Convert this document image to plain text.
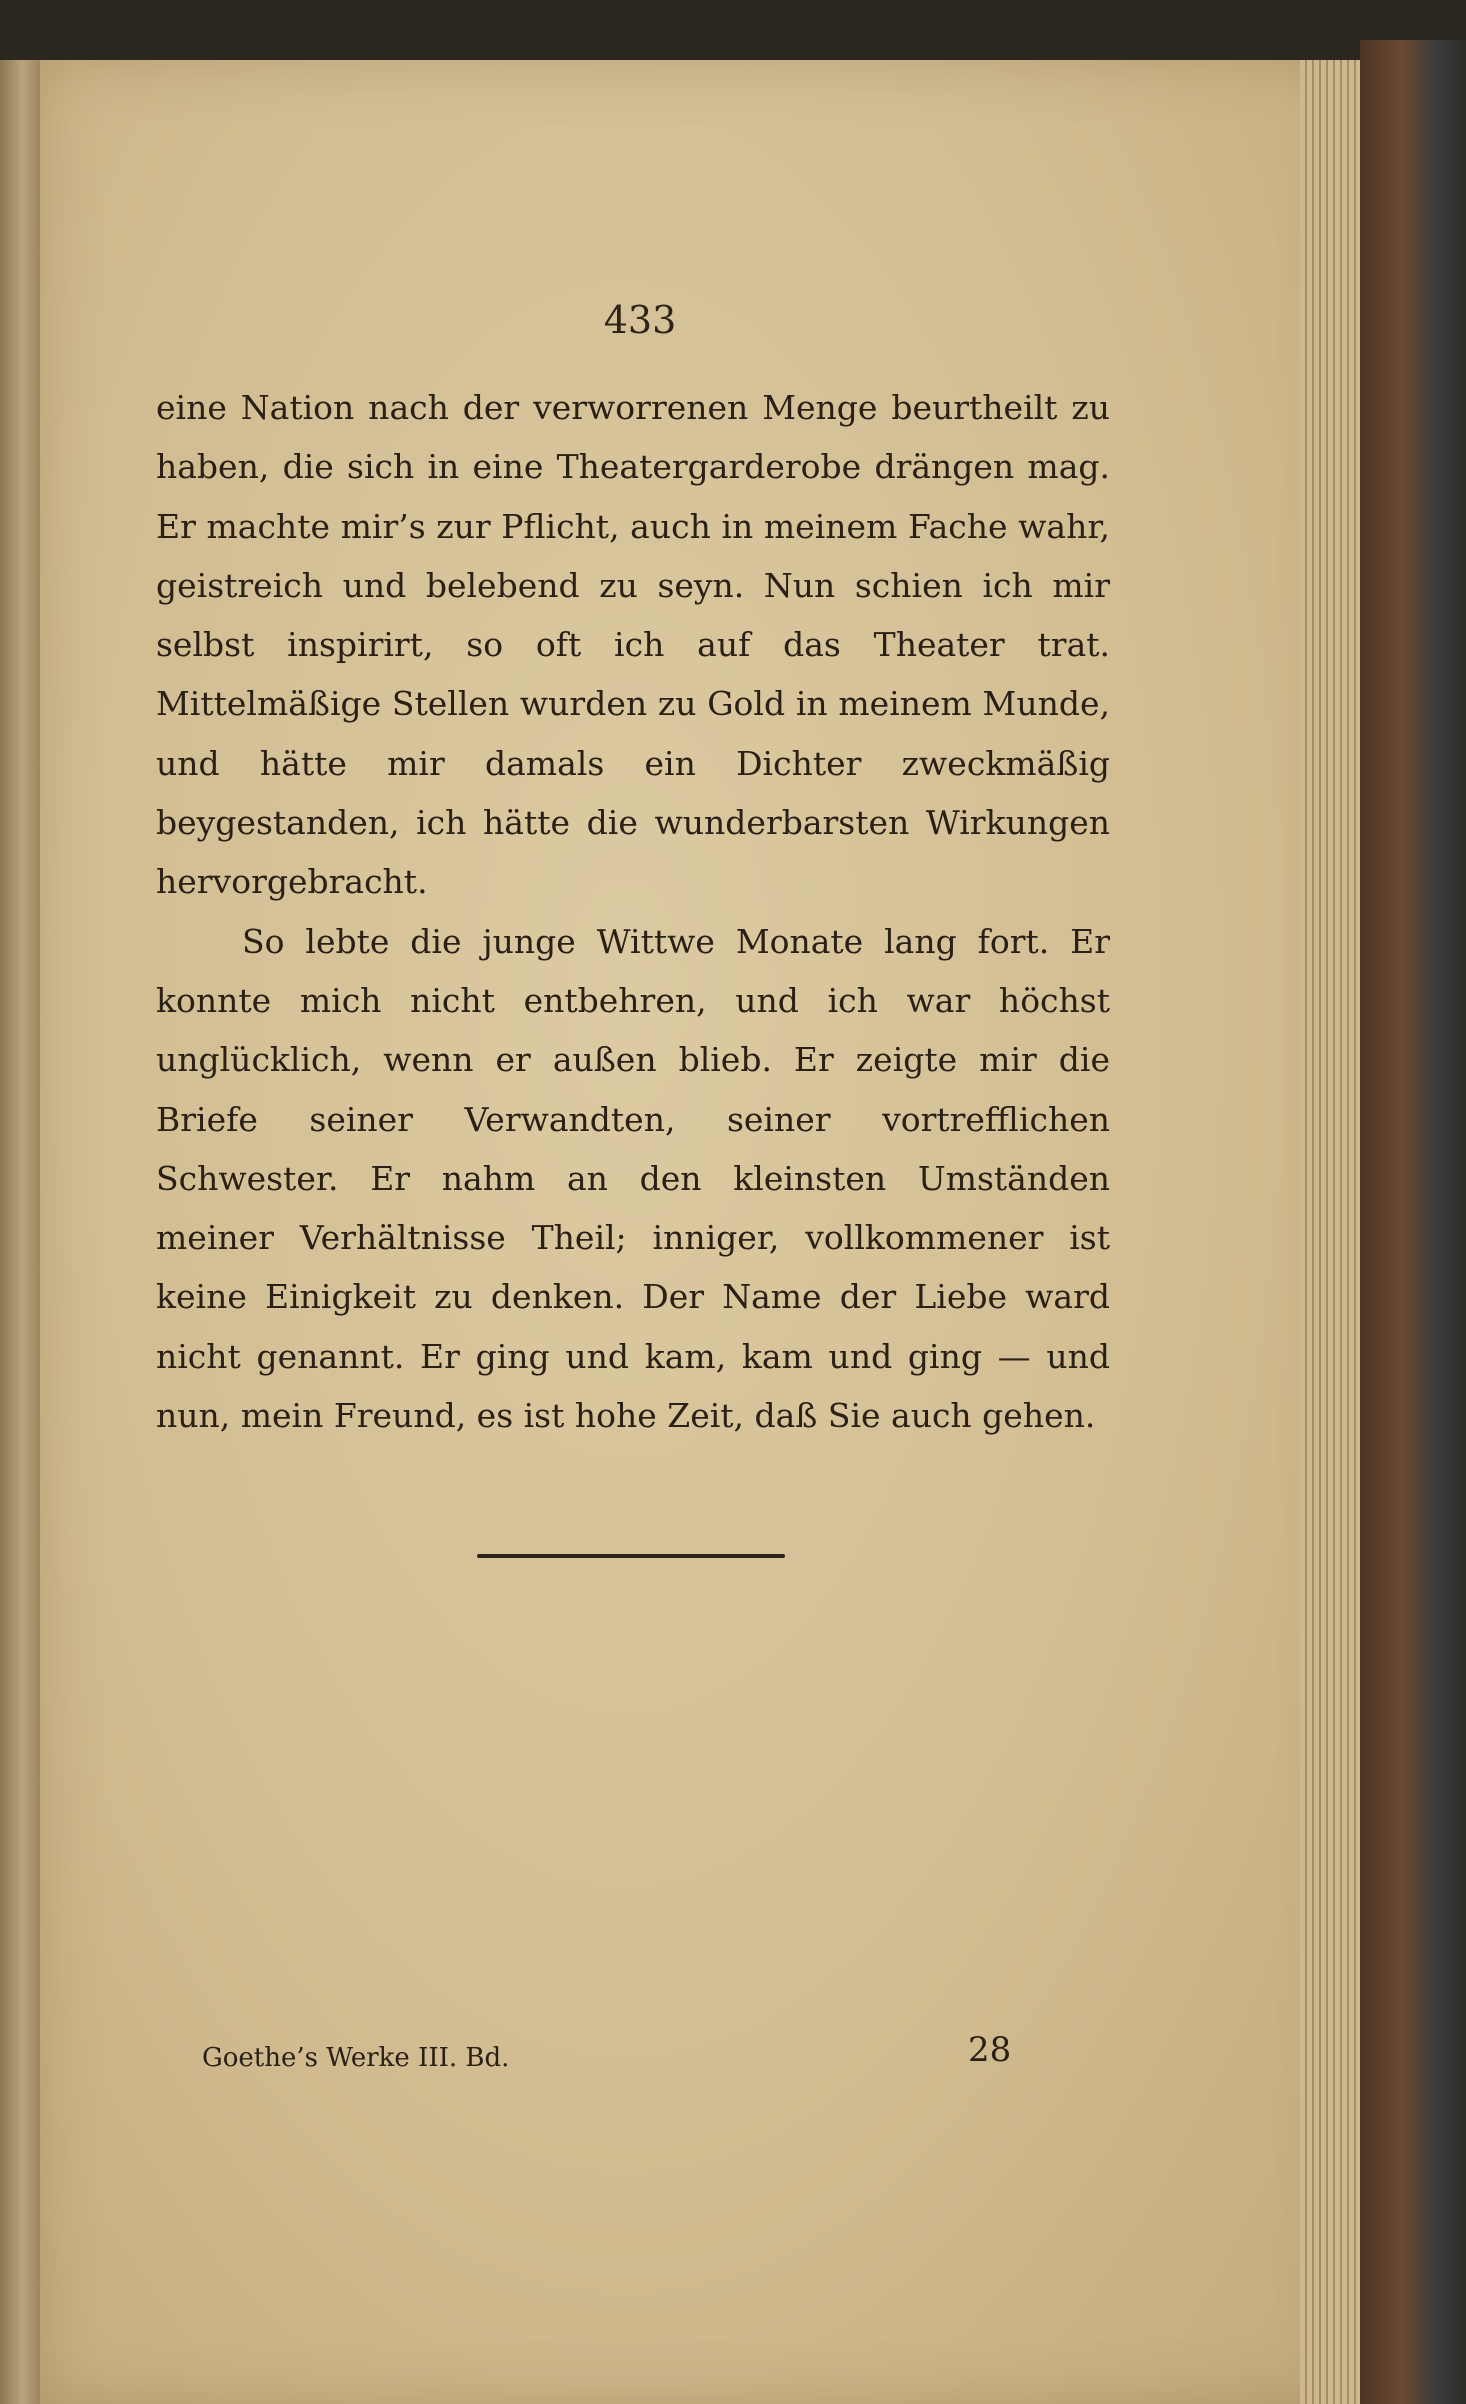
433

eine Nation nach der verworrenen Menge beurtheilt zu haben, die sich in eine Theatergarderobe drängen mag. Er machte mir’s zur Pflicht, auch in meinem Fache wahr, geistreich und belebend zu seyn. Nun schien ich mir selbst inspirirt, so oft ich auf das Theater trat. Mittelmäßige Stellen wurden zu Gold in meinem Munde, und hätte mir damals ein Dichter zweckmäßig beygestanden, ich hätte die wunderbarsten Wirkungen hervorgebracht.

So lebte die junge Wittwe Monate lang fort. Er konnte mich nicht entbehren, und ich war höchst unglücklich, wenn er außen blieb. Er zeigte mir die Briefe seiner Verwandten, seiner vortrefflichen Schwester. Er nahm an den kleinsten Umständen meiner Verhältnisse Theil; inniger, vollkommener ist keine Einigkeit zu denken. Der Name der Liebe ward nicht genannt. Er ging und kam, kam und ging — und nun, mein Freund, es ist hohe Zeit, daß Sie auch gehen.

Goethe’s Werke III. Bd.	28
